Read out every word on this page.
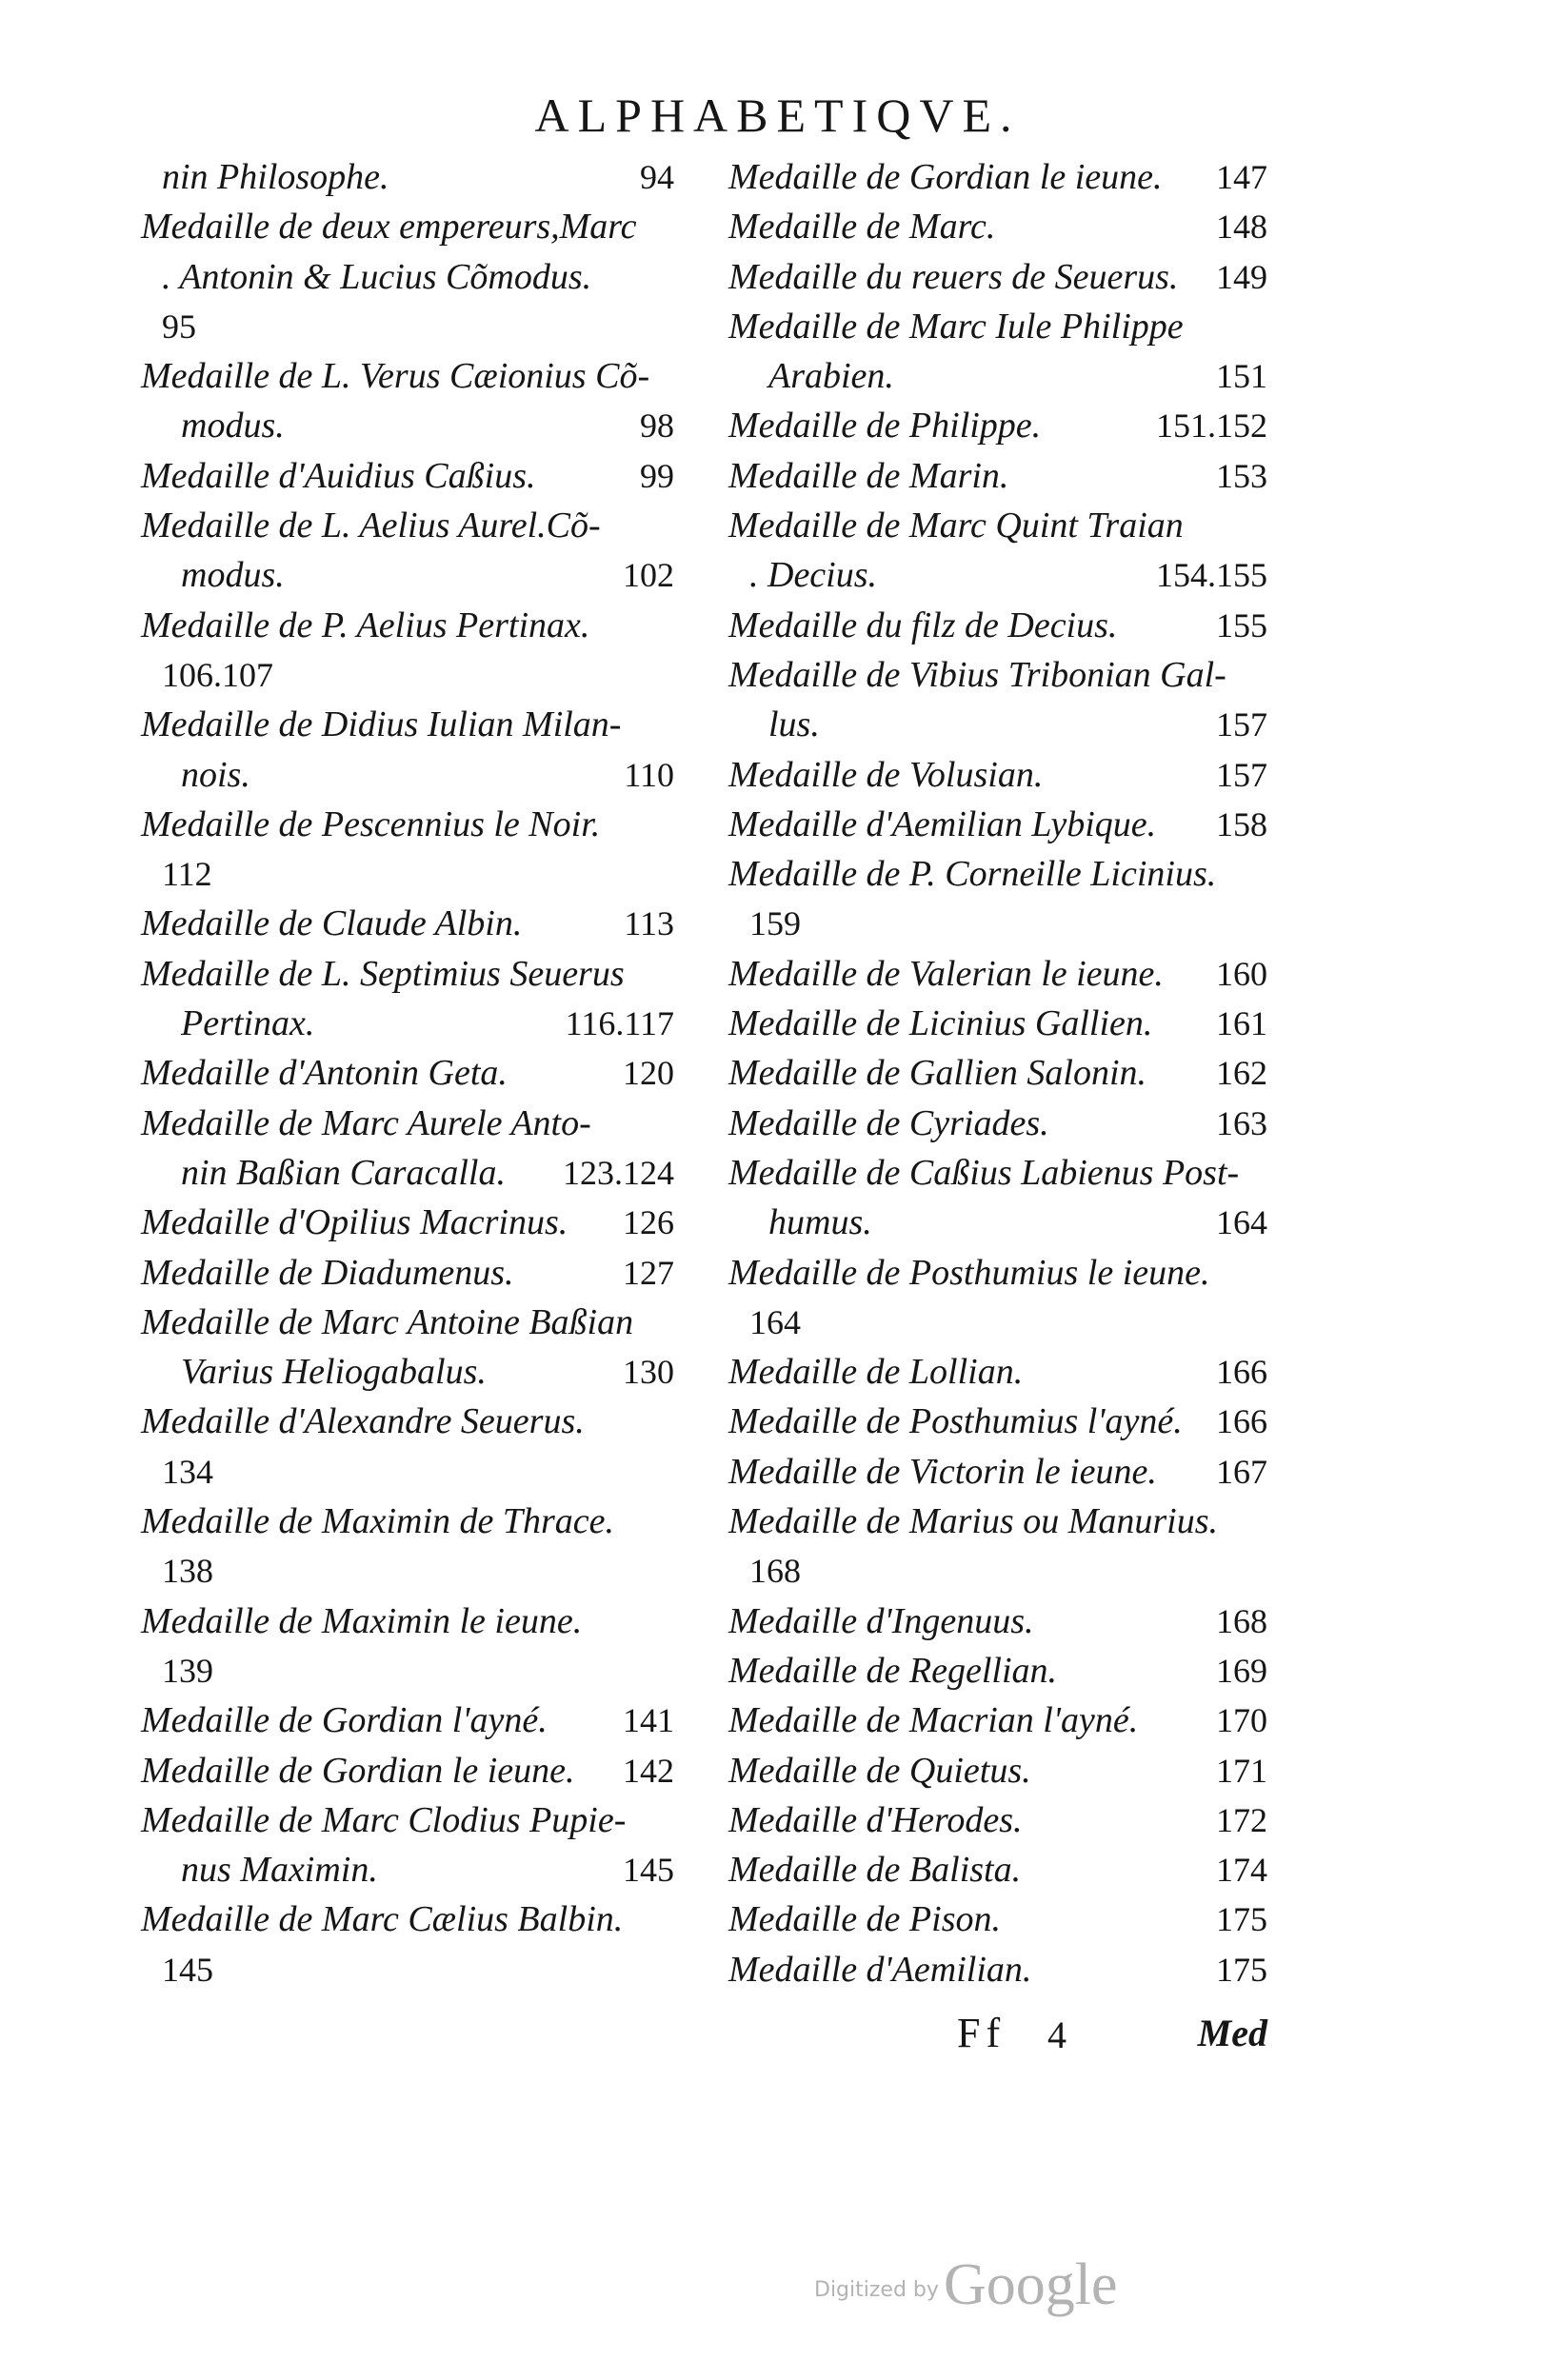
ALPHABETIQVE.
nin Philosophe.	94
Medaille de deux empereurs,Marc
. Antonin & Lucius Cõmodus.
95
Medaille de L. Verus Cæionius Cõ-
modus.	98
Medaille d'Auidius Caßius.	99
Medaille de L. Aelius Aurel.Cõ-
modus.	102
Medaille de P. Aelius Pertinax.
106.107
Medaille de Didius Iulian Milan-
nois.	110
Medaille de Pescennius le Noir.
112
Medaille de Claude Albin.	113
Medaille de L. Septimius Seuerus
Pertinax.	116.117
Medaille d'Antonin Geta.	120
Medaille de Marc Aurele Anto-
nin Baßian Caracalla. 123.124
Medaille d'Opilius Macrinus. 126
Medaille de Diadumenus.	127
Medaille de Marc Antoine Baßian
Varius Heliogabalus.	130
Medaille d'Alexandre Seuerus.
134
Medaille de Maximin de Thrace.
138
Medaille de Maximin le ieune.
139
Medaille de Gordian l'ayné. 141
Medaille de Gordian le ieune. 142
Medaille de Marc Clodius Pupie-
nus Maximin.	145
Medaille de Marc Cælius Balbin.
145
Medaille de Gordian le ieune. 147
Medaille de Marc.	148
Medaille du reuers de Seuerus. 149
Medaille de Marc Iule Philippe
Arabien.	151
Medaille de Philippe.	151.152
Medaille de Marin.	153
Medaille de Marc Quint Traian
. Decius.	154.155
Medaille du filz de Decius.	155
Medaille de Vibius Tribonian Gal-
lus.	157
Medaille de Volusian.	157
Medaille d'Aemilian Lybique. 158
Medaille de P. Corneille Licinius.
159
Medaille de Valerian le ieune. 160
Medaille de Licinius Gallien. 161
Medaille de Gallien Salonin. 162
Medaille de Cyriades.	163
Medaille de Caßius Labienus Post-
humus.	164
Medaille de Posthumius le ieune.
164
Medaille de Lollian.	166
Medaille de Posthumius l'ayné. 166
Medaille de Victorin le ieune. 167
Medaille de Marius ou Manurius.
168
Medaille d'Ingenuus.	168
Medaille de Regellian.	169
Medaille de Macrian l'ayné. 170
Medaille de Quietus.	171
Medaille d'Herodes.	172
Medaille de Balista.	174
Medaille de Pison.	175
Medaille d'Aemilian.	175
Ff 4	Med
Digitized by Google
